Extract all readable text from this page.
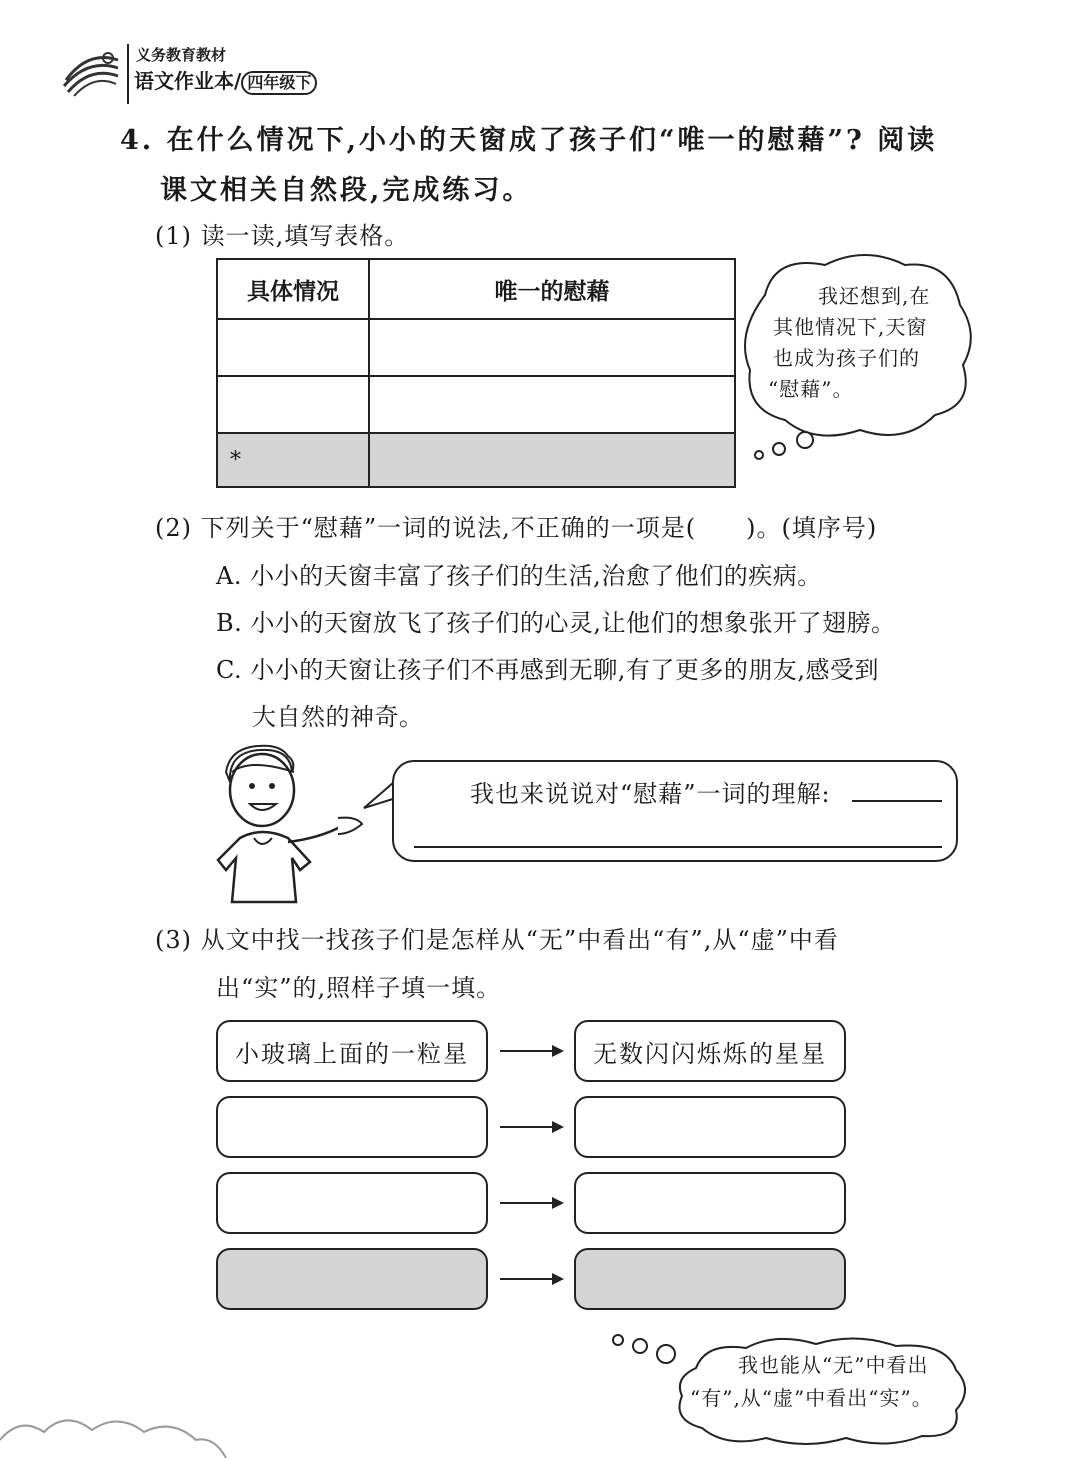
义务教育教材
语文作业本/ 四年级下
4. 在什么情况下,小小的天窗成了孩子们“唯一的慰藉”? 阅读
课文相关自然段,完成练习。
(1) 读一读,填写表格。
具体情况	唯一的慰藉
*
我还想到,在
其他情况下,天窗
也成为孩子们的
“慰藉”。
(2) 下列关于“慰藉”一词的说法,不正确的一项是(　　)。(填序号)
A. 小小的天窗丰富了孩子们的生活,治愈了他们的疾病。
B. 小小的天窗放飞了孩子们的心灵,让他们的想象张开了翅膀。
C. 小小的天窗让孩子们不再感到无聊,有了更多的朋友,感受到
大自然的神奇。
我也来说说对“慰藉”一词的理解:
(3) 从文中找一找孩子们是怎样从“无”中看出“有”,从“虚”中看
出“实”的,照样子填一填。
小玻璃上面的一粒星	无数闪闪烁烁的星星
我也能从“无”中看出
“有”,从“虚”中看出“实”。
